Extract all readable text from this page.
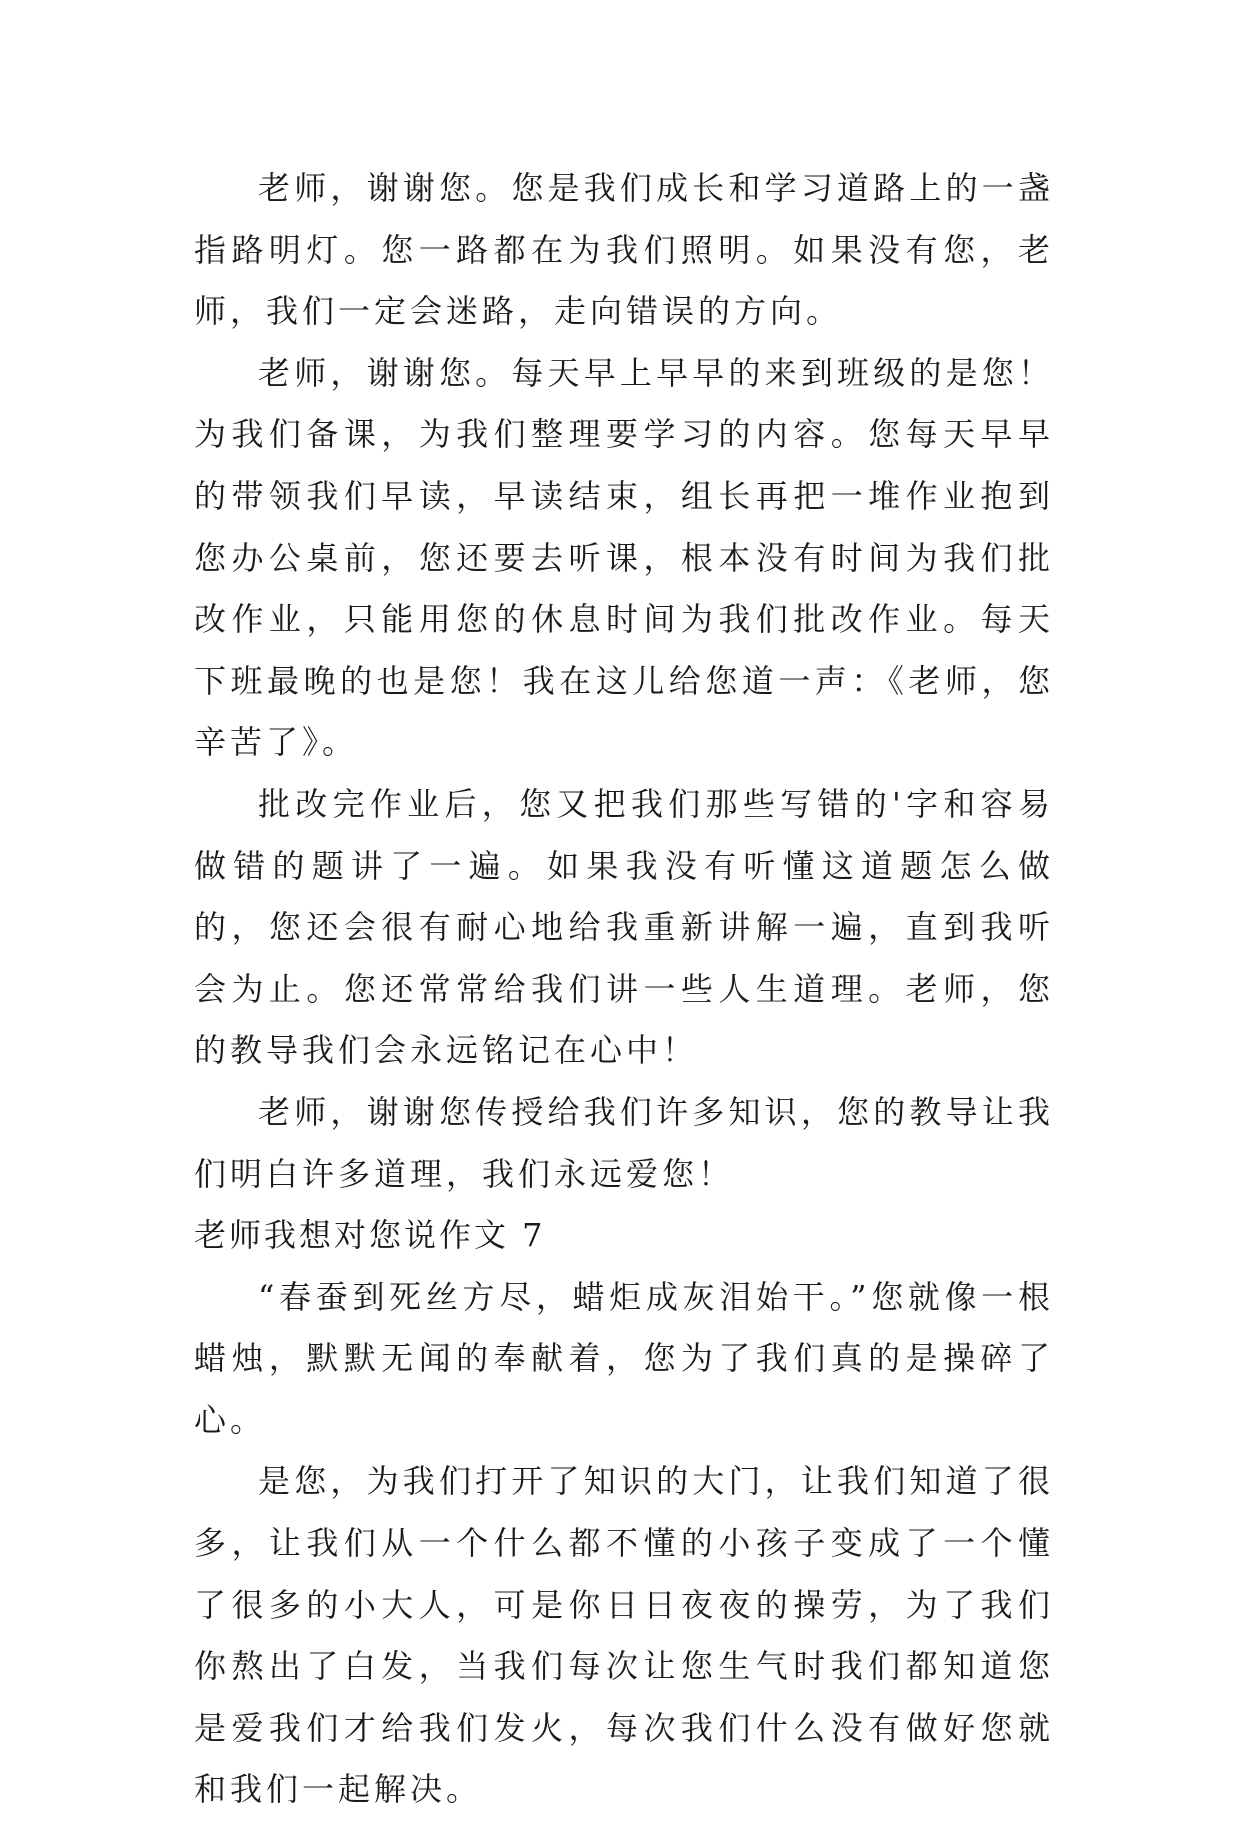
老师，谢谢您。您是我们成长和学习道路上的一盏指路明灯。您一路都在为我们照明。如果没有您，老师，我们一定会迷路，走向错误的方向。

老师，谢谢您。每天早上早早的来到班级的是您！为我们备课，为我们整理要学习的内容。您每天早早的带领我们早读，早读结束，组长再把一堆作业抱到您办公桌前，您还要去听课，根本没有时间为我们批改作业，只能用您的休息时间为我们批改作业。每天下班最晚的也是您！我在这儿给您道一声：《老师，您辛苦了》。

批改完作业后，您又把我们那些写错的'字和容易做错的题讲了一遍。如果我没有听懂这道题怎么做的，您还会很有耐心地给我重新讲解一遍，直到我听会为止。您还常常给我们讲一些人生道理。老师，您的教导我们会永远铭记在心中！

老师，谢谢您传授给我们许多知识，您的教导让我们明白许多道理，我们永远爱您！

老师我想对您说作文 7

“春蚕到死丝方尽，蜡炬成灰泪始干。”您就像一根蜡烛，默默无闻的奉献着，您为了我们真的是操碎了心。

是您，为我们打开了知识的大门，让我们知道了很多，让我们从一个什么都不懂的小孩子变成了一个懂了很多的小大人，可是你日日夜夜的操劳，为了我们你熬出了白发，当我们每次让您生气时我们都知道您是爱我们才给我们发火，每次我们什么没有做好您就和我们一起解决。
